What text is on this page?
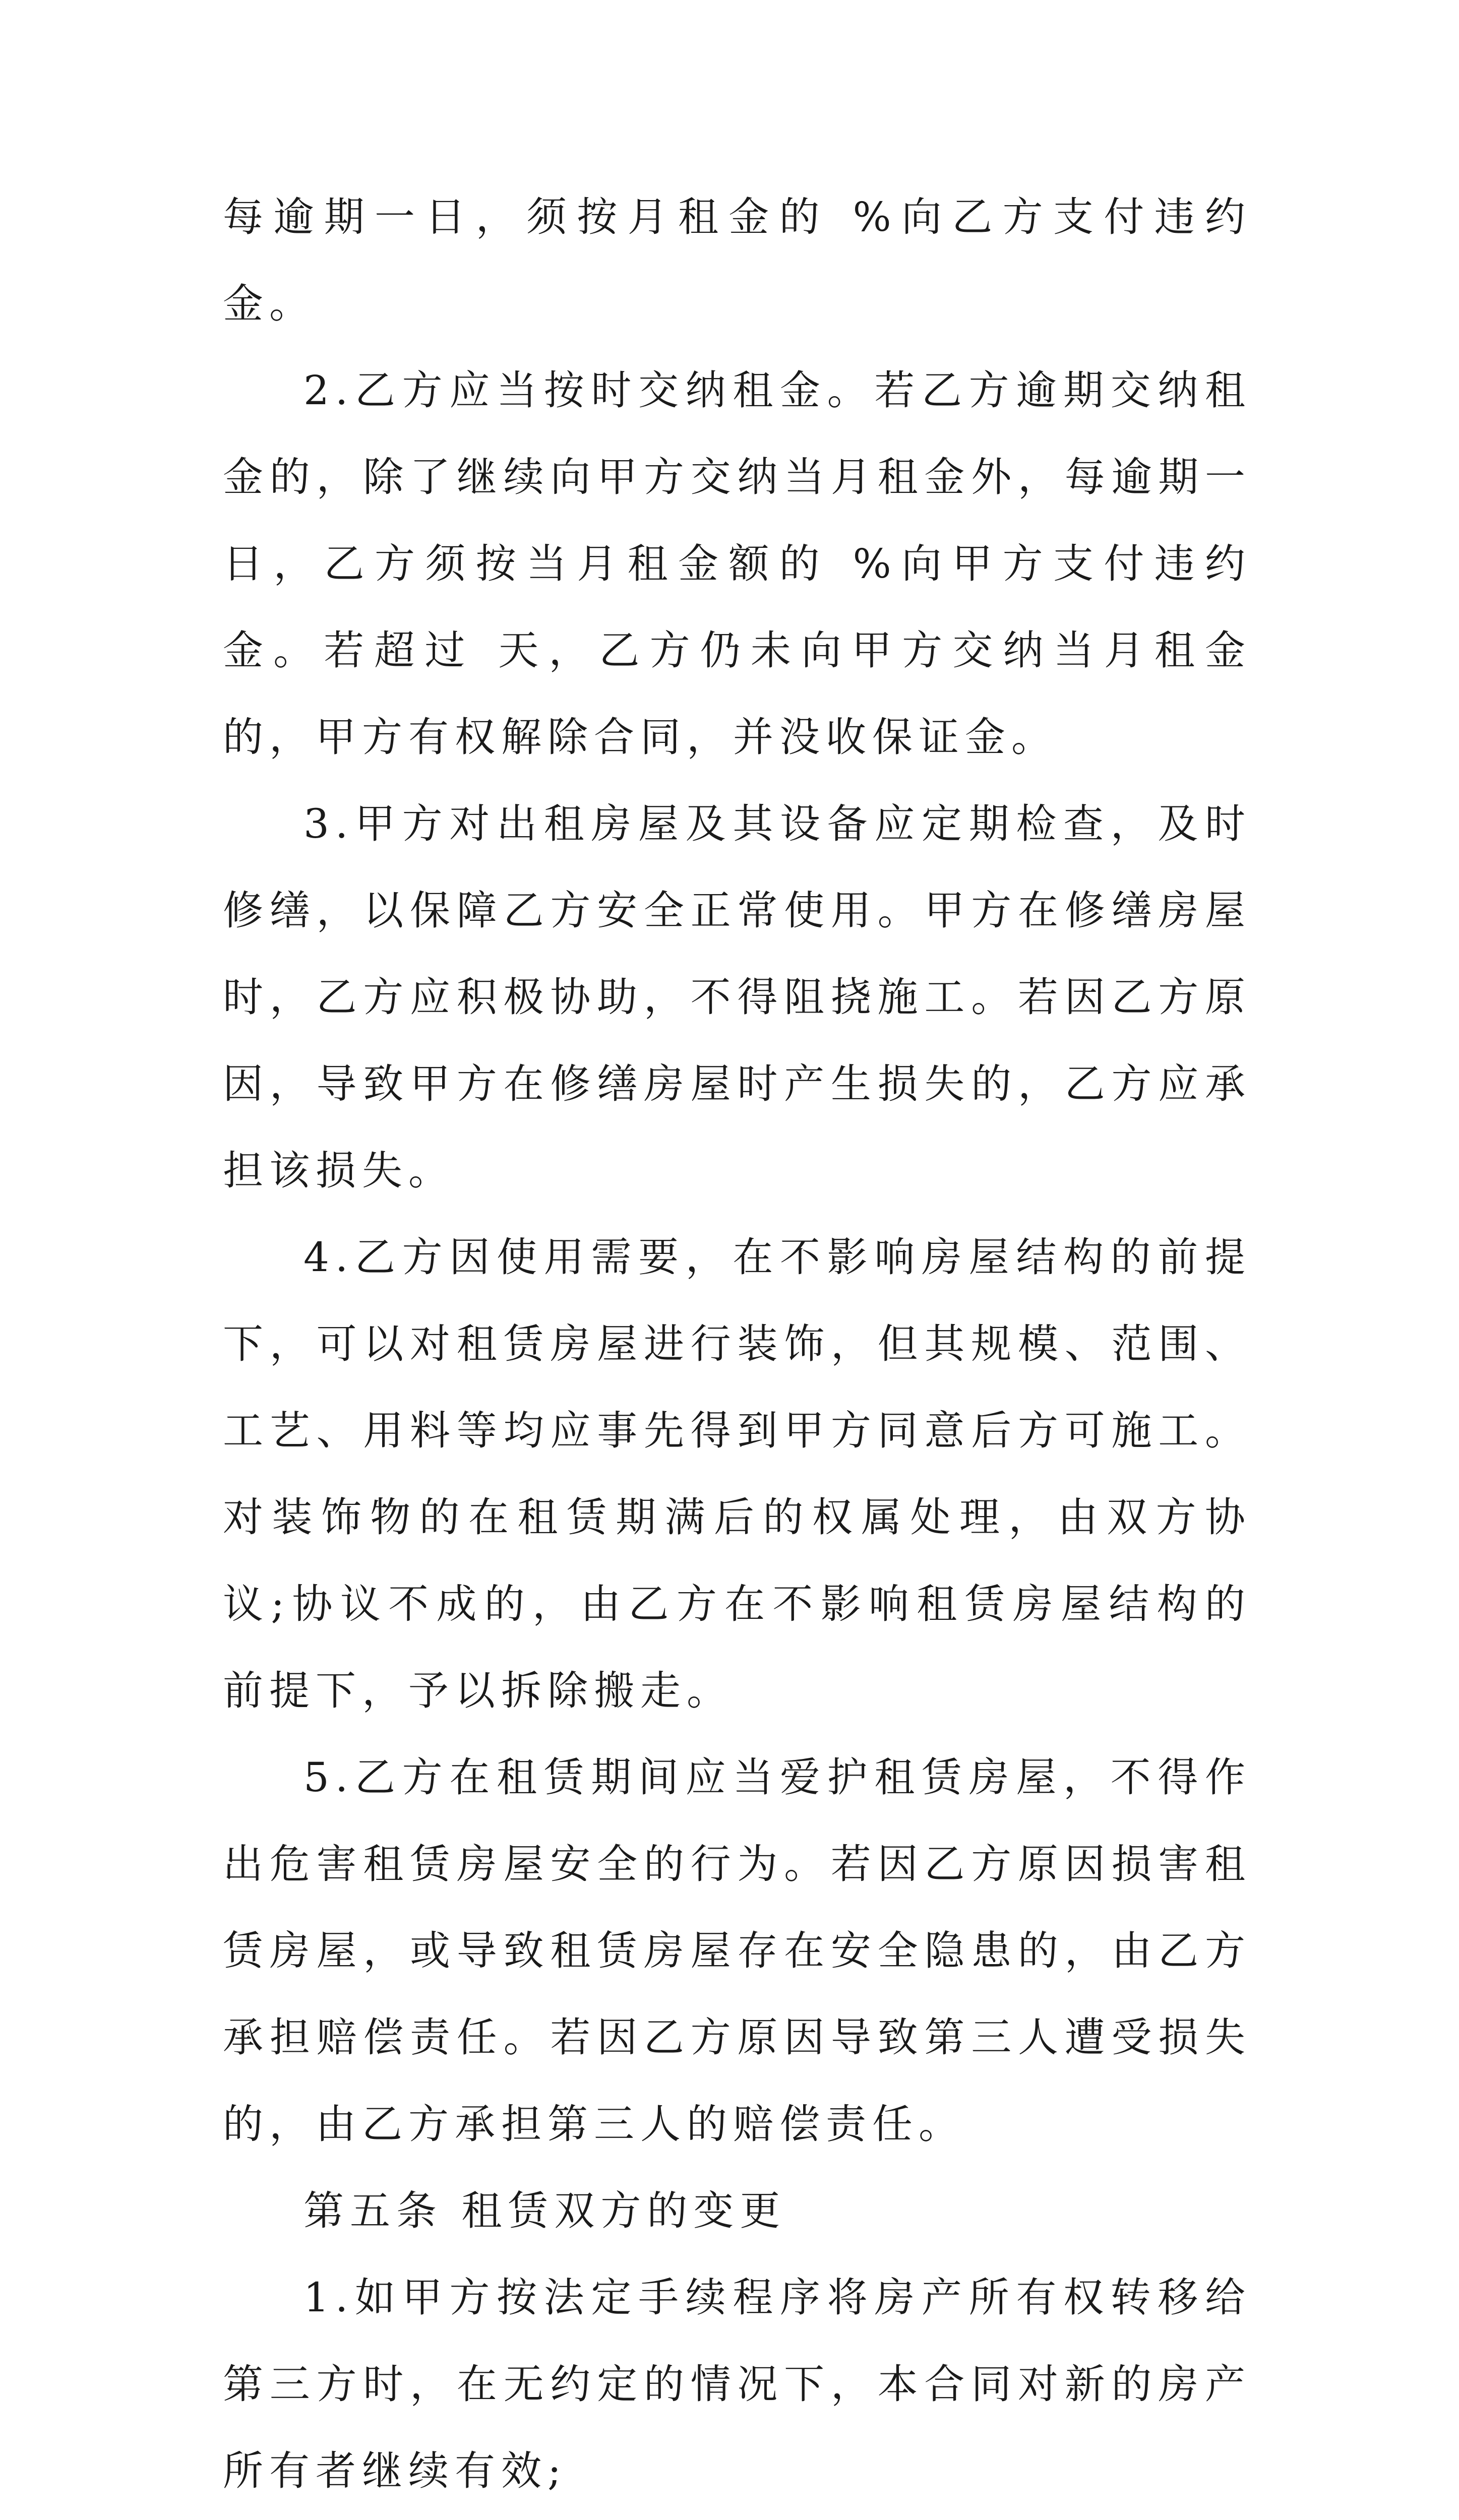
每逾期一日，须按月租金的 %向乙方支付违约金。

2.乙方应当按时交纳租金。若乙方逾期交纳租金的，除了继续向甲方交纳当月租金外，每逾期一日，乙方须按当月租金额的 %向甲方支付违约金。若超过 天，乙方仍未向甲方交纳当月租金的，甲方有权解除合同，并没收保证金。

3.甲方对出租房屋及其设备应定期检查，及时修缮，以保障乙方安全正常使用。甲方在修缮房屋时，乙方应积极协助，不得阻挠施工。若因乙方原因，导致甲方在修缮房屋时产生损失的，乙方应承担该损失。

4.乙方因使用需要，在不影响房屋结构的前提下，可以对租赁房屋进行装饰，但其规模、范围、工艺、用料等均应事先得到甲方同意后方可施工。对装饰物的在租赁期满后的权属处理，由双方协议;协议不成的，由乙方在不影响租赁房屋结构的前提下，予以拆除搬走。

5.乙方在租赁期间应当爱护租赁房屋，不得作出危害租赁房屋安全的行为。若因乙方原因损害租赁房屋，或导致租赁房屋存在安全隐患的，由乙方承担赔偿责任。若因乙方原因导致第三人遭受损失的，由乙方承担第三人的赔偿责任。

第五条 租赁双方的变更

1.如甲方按法定手续程序将房产所有权转移给第三方时，在无约定的情况下，本合同对新的房产所有者继续有效;
